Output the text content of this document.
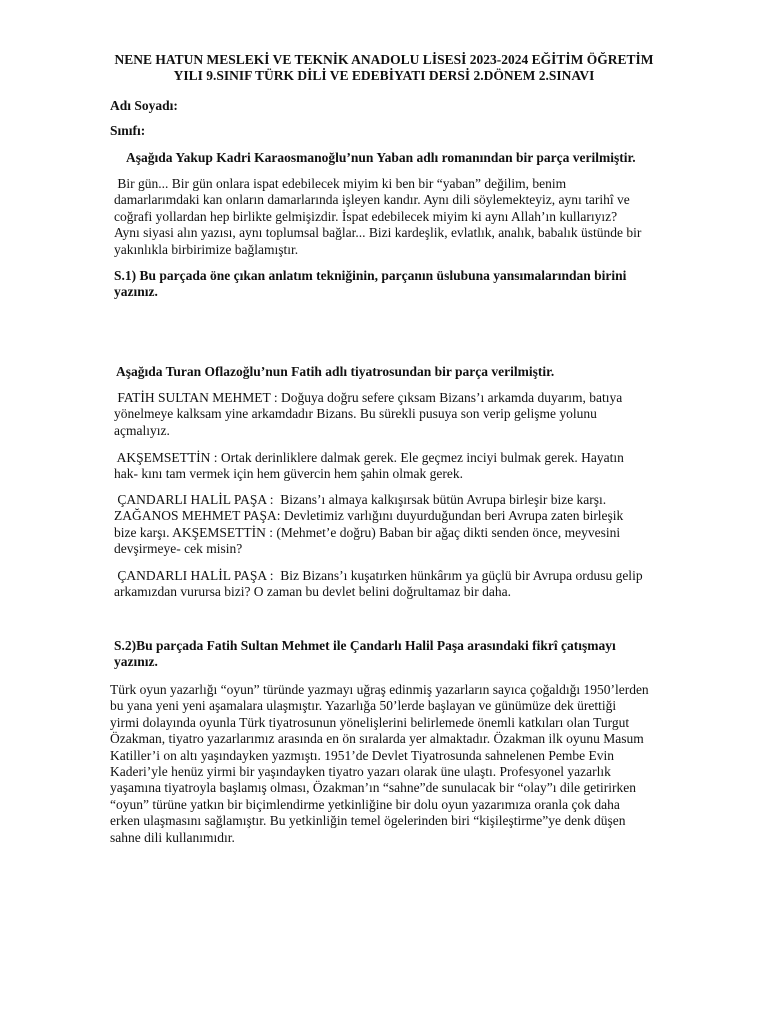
NENE HATUN MESLEKİ VE TEKNİK ANADOLU LİSESİ 2023-2024 EĞİTİM ÖĞRETİM
YILI 9.SINIF TÜRK DİLİ VE EDEBİYATI DERSİ 2.DÖNEM 2.SINAVI
Adı Soyadı:
Sınıfı:
Aşağıda Yakup Kadri Karaosmanoğlu’nun Yaban adlı romanından bir parça verilmiştir.
Bir gün... Bir gün onlara ispat edebilecek miyim ki ben bir “yaban” değilim, benim
damarlarımdaki kan onların damarlarında işleyen kandır. Aynı dili söylemekteyiz, aynı tarihî ve
coğrafi yollardan hep birlikte gelmişizdir. İspat edebilecek miyim ki aynı Allah’ın kullarıyız?
Aynı siyasi alın yazısı, aynı toplumsal bağlar... Bizi kardeşlik, evlatlık, analık, babalık üstünde bir
yakınlıkla birbirimize bağlamıştır.
S.1) Bu parçada öne çıkan anlatım tekniğinin, parçanın üslubuna yansımalarından birini
yazınız.
Aşağıda Turan Oflazoğlu’nun Fatih adlı tiyatrosundan bir parça verilmiştir.
FATİH SULTAN MEHMET : Doğuya doğru sefere çıksam Bizans’ı arkamda duyarım, batıya
yönelmeye kalksam yine arkamdadır Bizans. Bu sürekli pusuya son verip gelişme yolunu
açmalıyız.
AKŞEMSETTİN : Ortak derinliklere dalmak gerek. Ele geçmez inciyi bulmak gerek. Hayatın
hak- kını tam vermek için hem güvercin hem şahin olmak gerek.
ÇANDARLI HALİL PAŞA :  Bizans’ı almaya kalkışırsak bütün Avrupa birleşir bize karşı.
ZAĞANOS MEHMET PAŞA: Devletimiz varlığını duyurduğundan beri Avrupa zaten birleşik
bize karşı. AKŞEMSETTİN : (Mehmet’e doğru) Baban bir ağaç dikti senden önce, meyvesini
devşirmeye- cek misin?
ÇANDARLI HALİL PAŞA :  Biz Bizans’ı kuşatırken hünkârım ya güçlü bir Avrupa ordusu gelip
arkamızdan vurursa bizi? O zaman bu devlet belini doğrultamaz bir daha.
S.2)Bu parçada Fatih Sultan Mehmet ile Çandarlı Halil Paşa arasındaki fikrî çatışmayı
yazınız.
Türk oyun yazarlığı “oyun” türünde yazmayı uğraş edinmiş yazarların sayıca çoğaldığı 1950’lerden
bu yana yeni yeni aşamalara ulaşmıştır. Yazarlığa 50’lerde başlayan ve günümüze dek ürettiği
yirmi dolayında oyunla Türk tiyatrosunun yönelişlerini belirlemede önemli katkıları olan Turgut
Özakman, tiyatro yazarlarımız arasında en ön sıralarda yer almaktadır. Özakman ilk oyunu Masum
Katiller’i on altı yaşındayken yazmıştı. 1951’de Devlet Tiyatrosunda sahnelenen Pembe Evin
Kaderi’yle henüz yirmi bir yaşındayken tiyatro yazarı olarak üne ulaştı. Profesyonel yazarlık
yaşamına tiyatroyla başlamış olması, Özakman’ın “sahne”de sunulacak bir “olay”ı dile getirirken
“oyun” türüne yatkın bir biçimlendirme yetkinliğine bir dolu oyun yazarımıza oranla çok daha
erken ulaşmasını sağlamıştır. Bu yetkinliğin temel ögelerinden biri “kişileştirme”ye denk düşen
sahne dili kullanımıdır.
